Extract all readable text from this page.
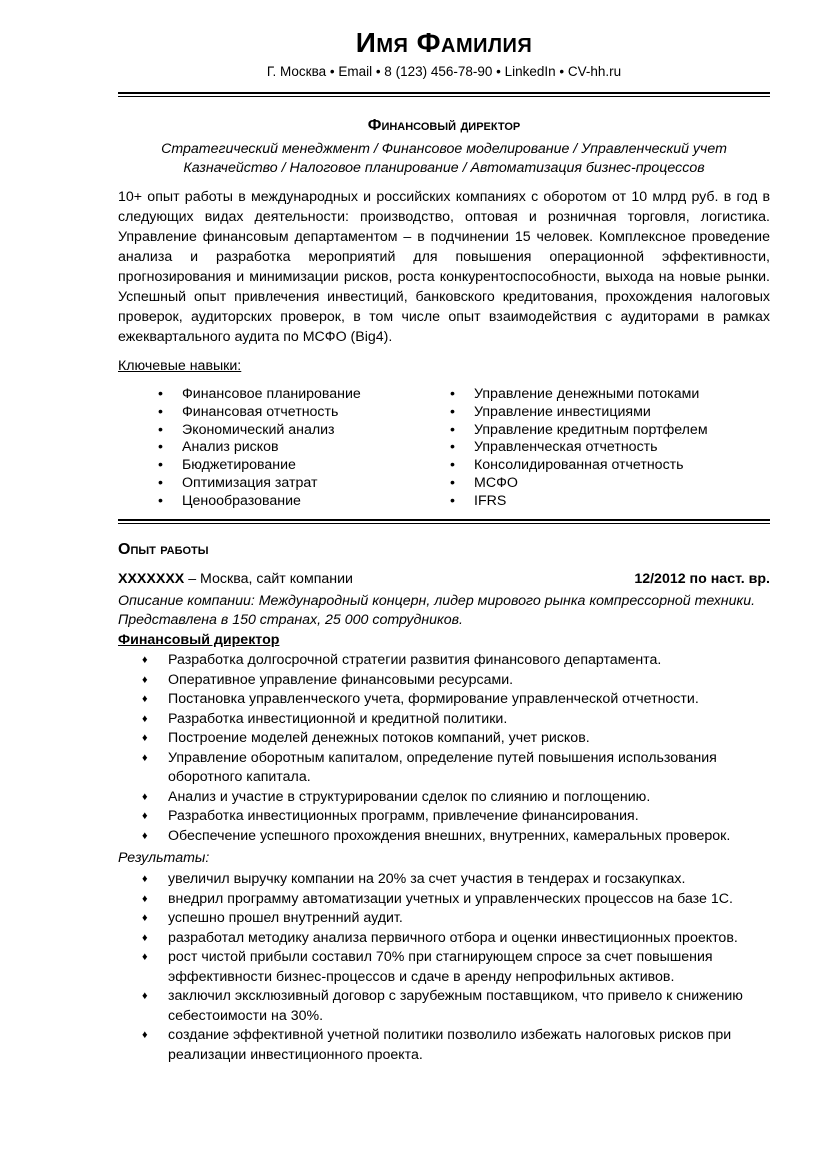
Имя Фамилия
Г. Москва • Email • 8 (123) 456-78-90 • LinkedIn • CV-hh.ru
Финансовый директор
Стратегический менеджмент / Финансовое моделирование / Управленческий учет
Казначейство / Налоговое планирование / Автоматизация бизнес-процессов
10+ опыт работы в международных и российских компаниях с оборотом от 10 млрд руб. в год в следующих видах деятельности: производство, оптовая и розничная торговля, логистика. Управление финансовым департаментом – в подчинении 15 человек. Комплексное проведение анализа и разработка мероприятий для повышения операционной эффективности, прогнозирования и минимизации рисков, роста конкурентоспособности, выхода на новые рынки. Успешный опыт привлечения инвестиций, банковского кредитования, прохождения налоговых проверок, аудиторских проверок, в том числе опыт взаимодействия с аудиторами в рамках ежеквартального аудита по МСФО (Big4).
Ключевые навыки:
• Финансовое планирование
• Финансовая отчетность
• Экономический анализ
• Анализ рисков
• Бюджетирование
• Оптимизация затрат
• Ценообразование
• Управление денежными потоками
• Управление инвестициями
• Управление кредитным портфелем
• Управленческая отчетность
• Консолидированная отчетность
• МСФО
• IFRS
Опыт работы
XXXXXXX – Москва, сайт компании	12/2012 по наст. вр.
Описание компании: Международный концерн, лидер мирового рынка компрессорной техники. Представлена в 150 странах, 25 000 сотрудников.
Финансовый директор
♦ Разработка долгосрочной стратегии развития финансового департамента.
♦ Оперативное управление финансовыми ресурсами.
♦ Постановка управленческого учета, формирование управленческой отчетности.
♦ Разработка инвестиционной и кредитной политики.
♦ Построение моделей денежных потоков компаний, учет рисков.
♦ Управление оборотным капиталом, определение путей повышения использования оборотного капитала.
♦ Анализ и участие в структурировании сделок по слиянию и поглощению.
♦ Разработка инвестиционных программ, привлечение финансирования.
♦ Обеспечение успешного прохождения внешних, внутренних, камеральных проверок.
Результаты:
♦ увеличил выручку компании на 20% за счет участия в тендерах и госзакупках.
♦ внедрил программу автоматизации учетных и управленческих процессов на базе 1С.
♦ успешно прошел внутренний аудит.
♦ разработал методику анализа первичного отбора и оценки инвестиционных проектов.
♦ рост чистой прибыли составил 70% при стагнирующем спросе за счет повышения эффективности бизнес-процессов и сдаче в аренду непрофильных активов.
♦ заключил эксклюзивный договор с зарубежным поставщиком, что привело к снижению себестоимости на 30%.
♦ создание эффективной учетной политики позволило избежать налоговых рисков при реализации инвестиционного проекта.
